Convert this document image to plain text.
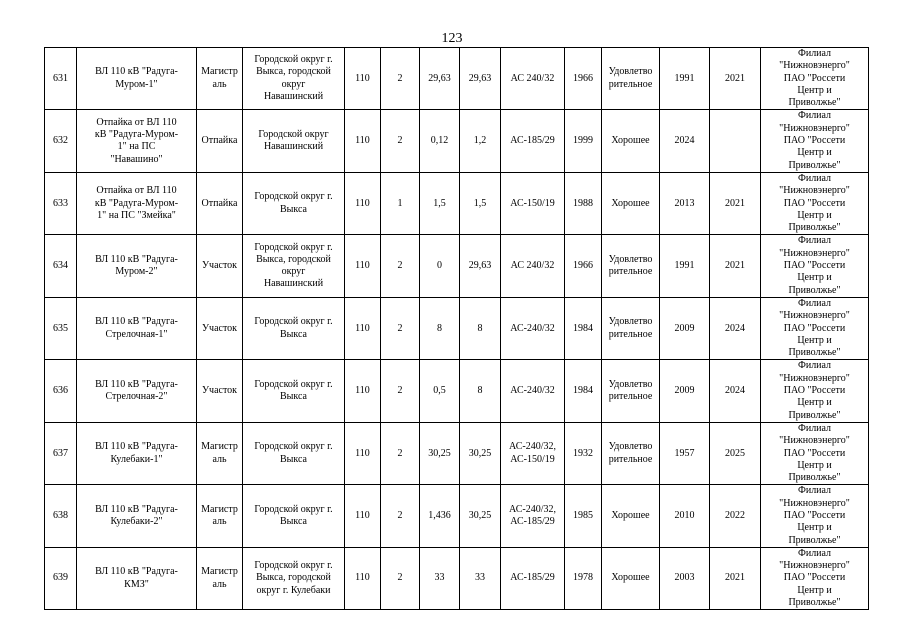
123
631	ВЛ 110 кВ "Радуга-
Муром-1"	Магистр
аль	Городской округ г.
Выкса, городской
округ
Навашинский	110	2	29,63	29,63	АС 240/32	1966	Удовлетво
рительное	1991	2021	Филиал
"Нижновэнерго"
ПАО "Россети
Центр и
Приволжье"
632	Отпайка от ВЛ 110
кВ "Радуга-Муром-
1" на ПС
"Навашино"	Отпайка	Городской округ
Навашинский	110	2	0,12	1,2	АС-185/29	1999	Хорошее	2024		Филиал
"Нижновэнерго"
ПАО "Россети
Центр и
Приволжье"
633	Отпайка от ВЛ 110
кВ "Радуга-Муром-
1" на ПС "Змейка"	Отпайка	Городской округ г.
Выкса	110	1	1,5	1,5	АС-150/19	1988	Хорошее	2013	2021	Филиал
"Нижновэнерго"
ПАО "Россети
Центр и
Приволжье"
634	ВЛ 110 кВ "Радуга-
Муром-2"	Участок	Городской округ г.
Выкса, городской
округ
Навашинский	110	2	0	29,63	АС 240/32	1966	Удовлетво
рительное	1991	2021	Филиал
"Нижновэнерго"
ПАО "Россети
Центр и
Приволжье"
635	ВЛ 110 кВ "Радуга-
Стрелочная-1"	Участок	Городской округ г.
Выкса	110	2	8	8	АС-240/32	1984	Удовлетво
рительное	2009	2024	Филиал
"Нижновэнерго"
ПАО "Россети
Центр и
Приволжье"
636	ВЛ 110 кВ "Радуга-
Стрелочная-2"	Участок	Городской округ г.
Выкса	110	2	0,5	8	АС-240/32	1984	Удовлетво
рительное	2009	2024	Филиал
"Нижновэнерго"
ПАО "Россети
Центр и
Приволжье"
637	ВЛ 110 кВ "Радуга-
Кулебаки-1"	Магистр
аль	Городской округ г.
Выкса	110	2	30,25	30,25	АС-240/32,
АС-150/19	1932	Удовлетво
рительное	1957	2025	Филиал
"Нижновэнерго"
ПАО "Россети
Центр и
Приволжье"
638	ВЛ 110 кВ "Радуга-
Кулебаки-2"	Магистр
аль	Городской округ г.
Выкса	110	2	1,436	30,25	АС-240/32,
АС-185/29	1985	Хорошее	2010	2022	Филиал
"Нижновэнерго"
ПАО "Россети
Центр и
Приволжье"
639	ВЛ 110 кВ "Радуга-
КМЗ"	Магистр
аль	Городской округ г.
Выкса, городской
округ г. Кулебаки	110	2	33	33	АС-185/29	1978	Хорошее	2003	2021	Филиал
"Нижновэнерго"
ПАО "Россети
Центр и
Приволжье"
